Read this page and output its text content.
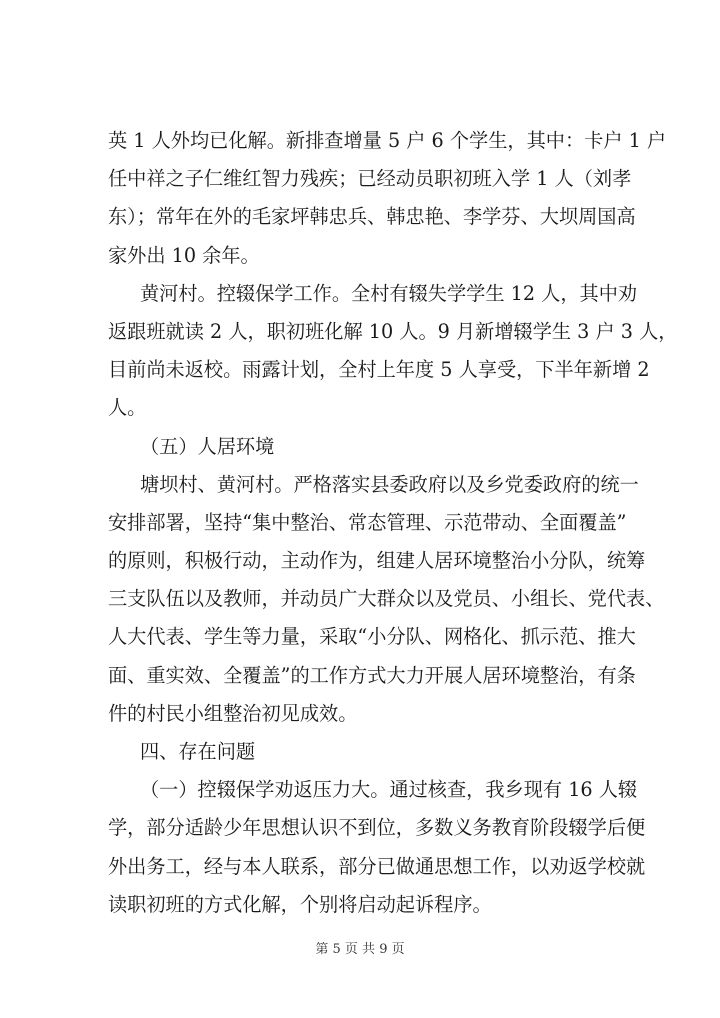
英 1 人外均已化解。新排查增量 5 户 6 个学生，其中：卡户 1 户
任中祥之子仁维红智力残疾；已经动员职初班入学 1 人（刘孝
东）；常年在外的毛家坪韩忠兵、韩忠艳、李学芬、大坝周国高
家外出 10 余年。
黄河村。控辍保学工作。全村有辍失学学生 12 人，其中劝
返跟班就读 2 人，职初班化解 10 人。9 月新增辍学生 3 户 3 人，
目前尚未返校。雨露计划，全村上年度 5 人享受，下半年新增 2
人。
（五）人居环境
塘坝村、黄河村。严格落实县委政府以及乡党委政府的统一
安排部署，坚持“集中整治、常态管理、示范带动、全面覆盖”
的原则，积极行动，主动作为，组建人居环境整治小分队，统筹
三支队伍以及教师，并动员广大群众以及党员、小组长、党代表、
人大代表、学生等力量，采取“小分队、网格化、抓示范、推大
面、重实效、全覆盖”的工作方式大力开展人居环境整治，有条
件的村民小组整治初见成效。
四、存在问题
（一）控辍保学劝返压力大。通过核查，我乡现有 16 人辍
学，部分适龄少年思想认识不到位，多数义务教育阶段辍学后便
外出务工，经与本人联系，部分已做通思想工作，以劝返学校就
读职初班的方式化解，个别将启动起诉程序。
第 5 页 共 9 页
